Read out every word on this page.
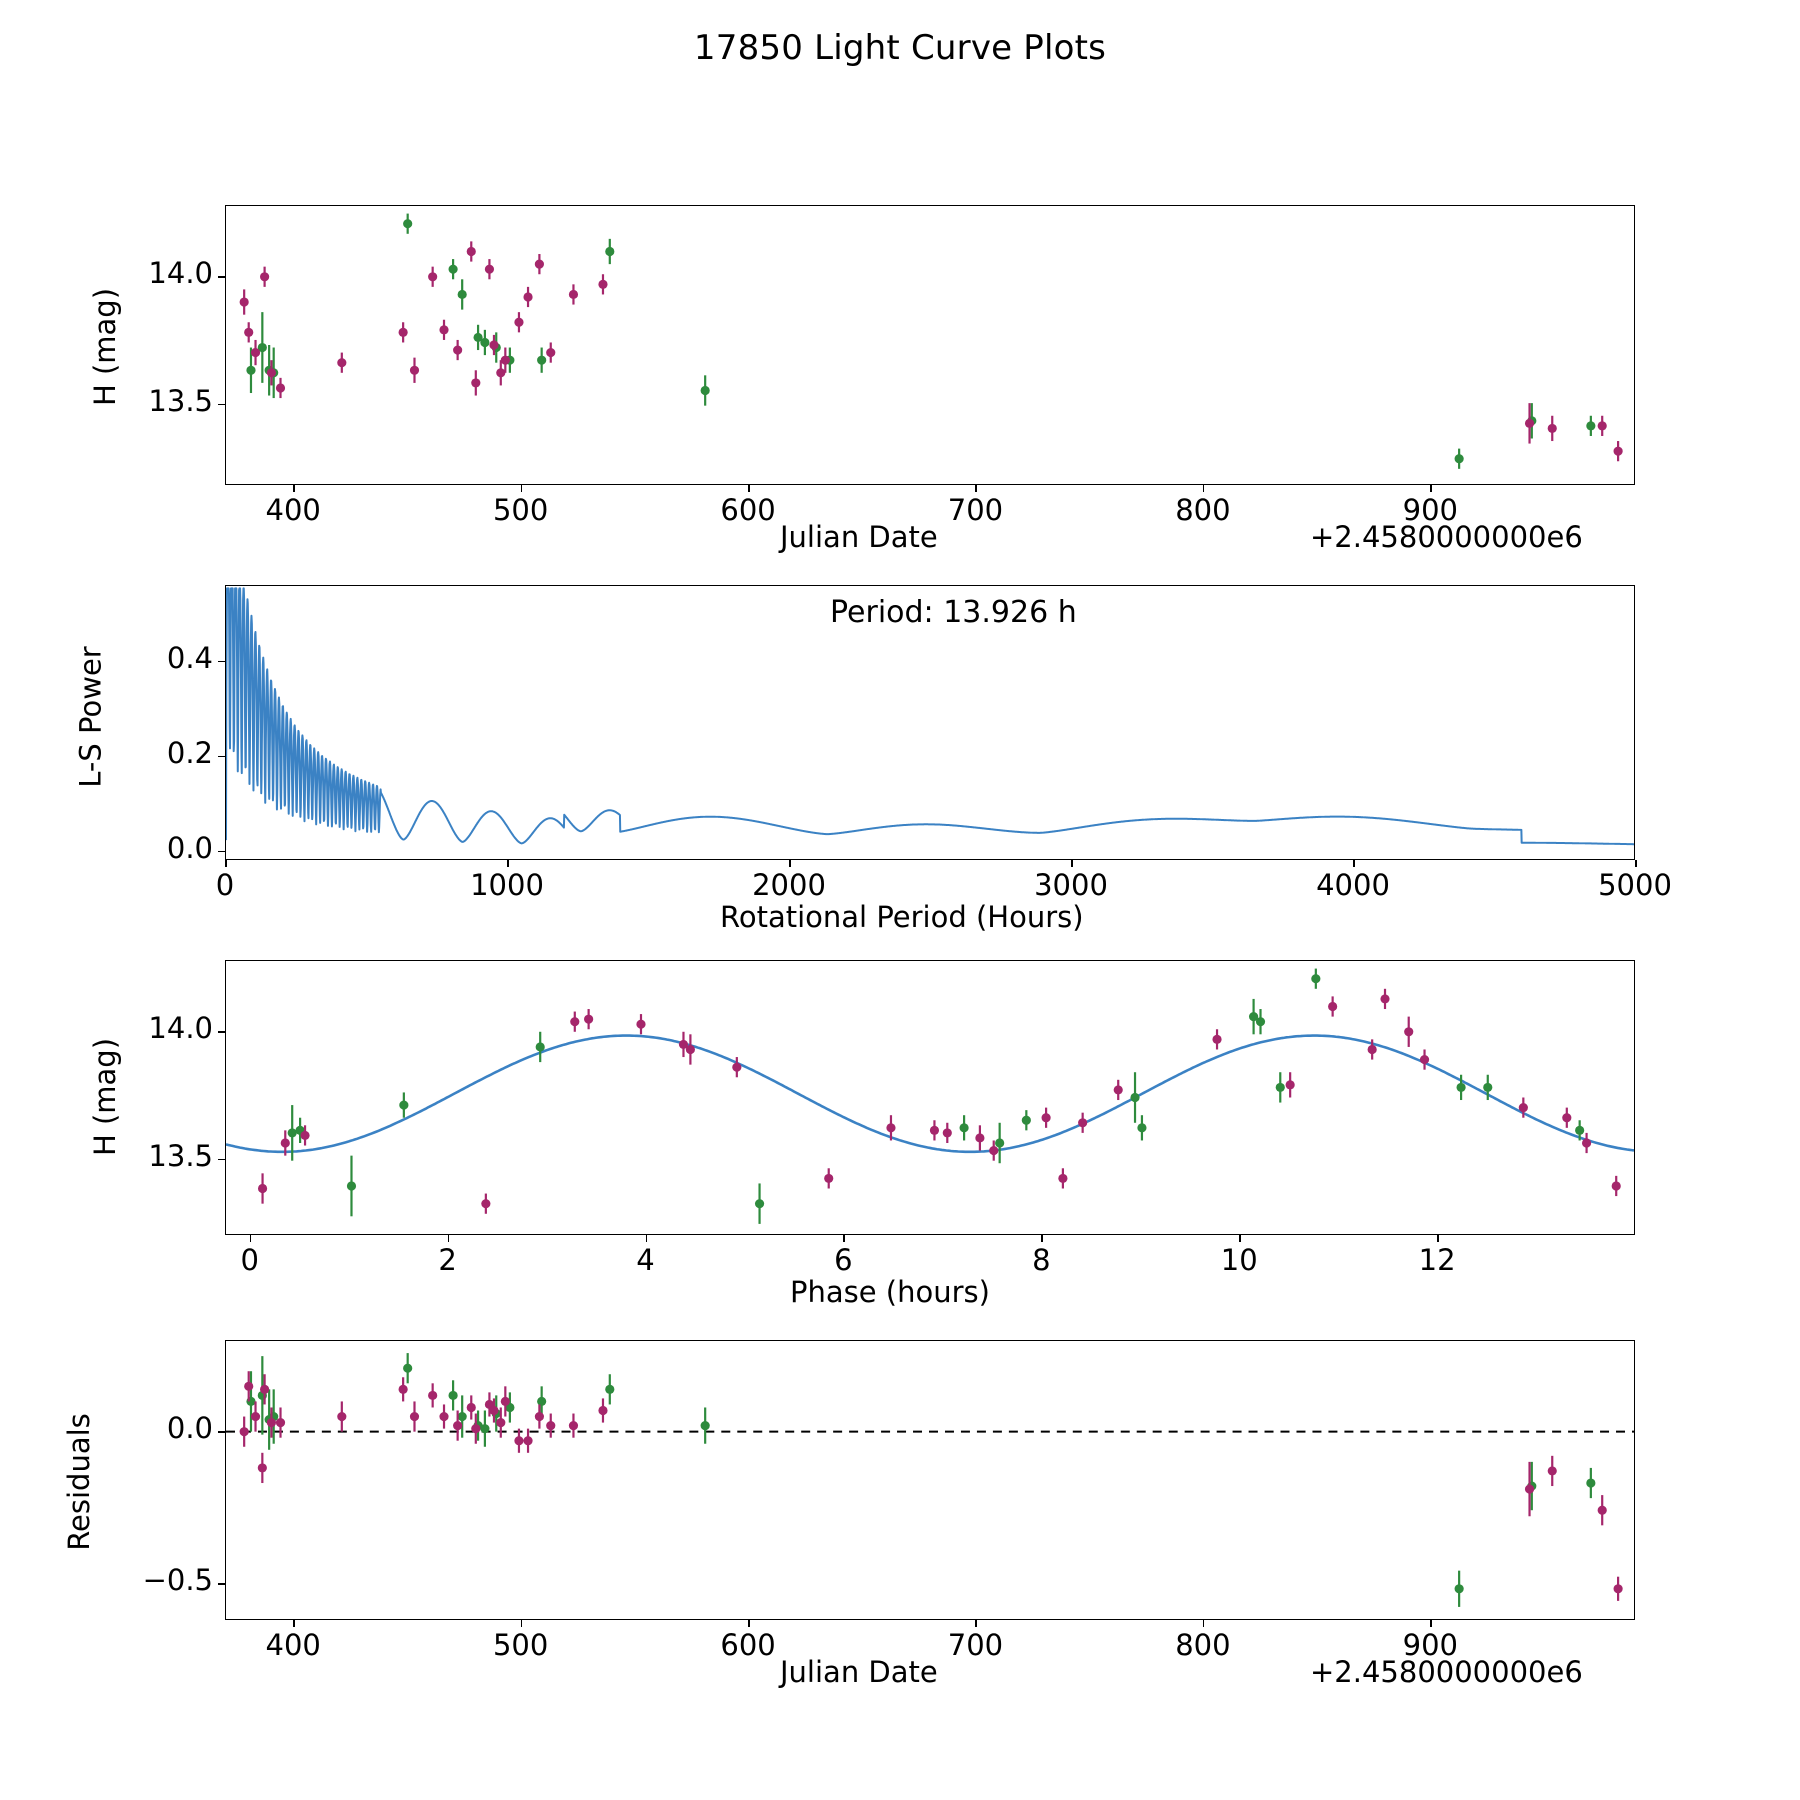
17850 Light Curve Plots
H (mag)
Julian Date	+2.4580000000e6
400	500	600	700	800	900
13.5
14.0
Period: 13.926 h
L-S Power
Rotational Period (Hours)
0	1000	2000	3000	4000	5000
0.0
0.2
0.4
H (mag)
Phase (hours)
0	2	4	6	8	10	12
13.5
14.0
Residuals
Julian Date	+2.4580000000e6
400	500	600	700	800	900
−0.5
0.0
